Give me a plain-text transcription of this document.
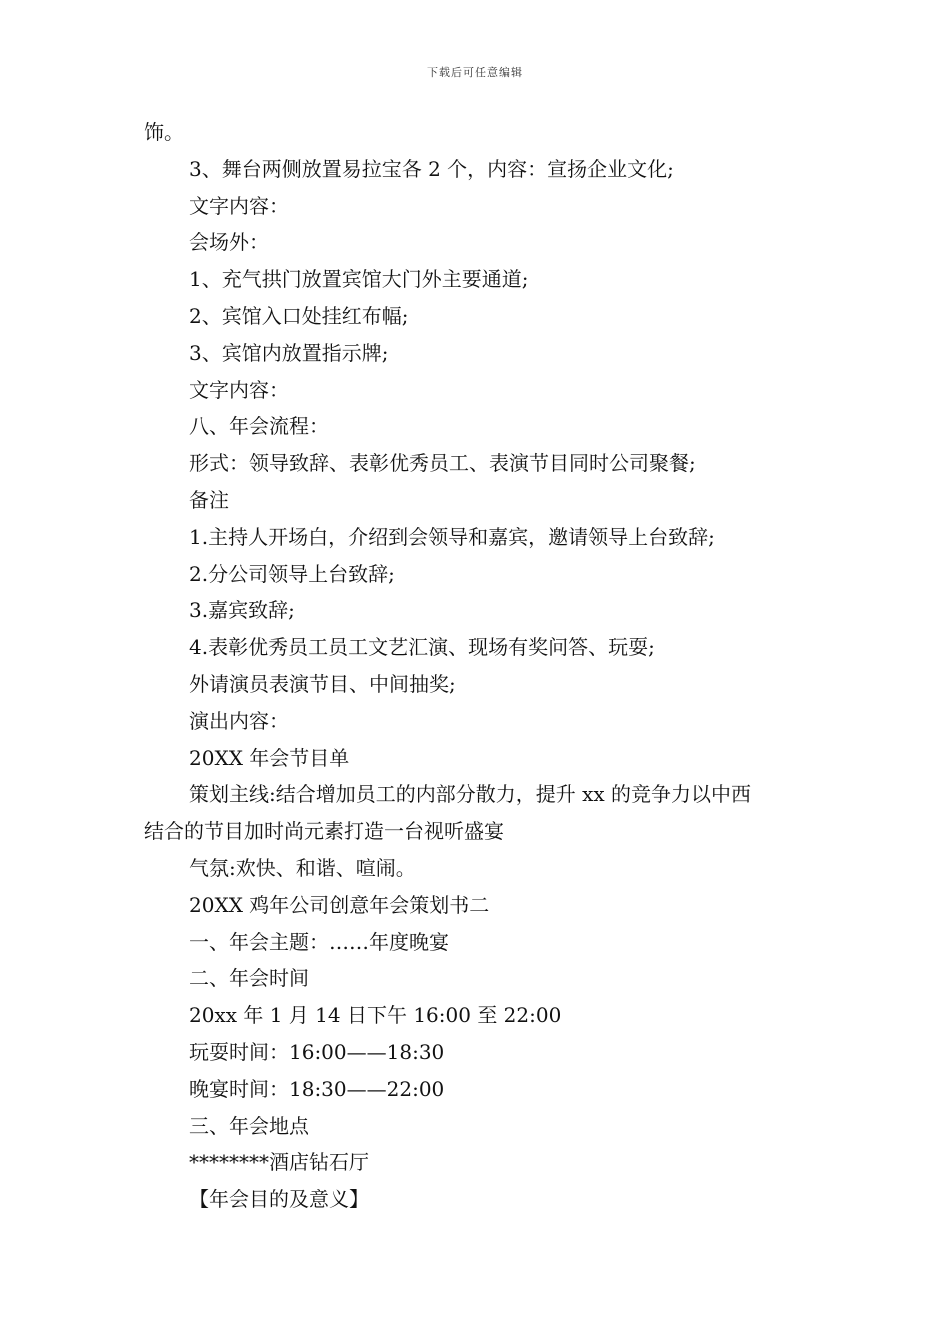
下载后可任意编辑
饰。
3、舞台两侧放置易拉宝各 2 个，内容：宣扬企业文化;
文字内容：
会场外：
1、充气拱门放置宾馆大门外主要通道;
2、宾馆入口处挂红布幅;
3、宾馆内放置指示牌;
文字内容：
八、年会流程：
形式：领导致辞、表彰优秀员工、表演节目同时公司聚餐;
备注
1.主持人开场白，介绍到会领导和嘉宾，邀请领导上台致辞;
2.分公司领导上台致辞;
3.嘉宾致辞;
4.表彰优秀员工员工文艺汇演、现场有奖问答、玩耍;
外请演员表演节目、中间抽奖;
演出内容：
20XX 年会节目单
策划主线:结合增加员工的内部分散力，提升 xx 的竞争力以中西
结合的节目加时尚元素打造一台视听盛宴
气氛:欢快、和谐、喧闹。
20XX 鸡年公司创意年会策划书二
一、年会主题：……年度晚宴
二、年会时间
20xx 年 1 月 14 日下午 16:00 至 22:00
玩耍时间：16:00——18:30
晚宴时间：18:30——22:00
三、年会地点
********酒店钻石厅
【年会目的及意义】
